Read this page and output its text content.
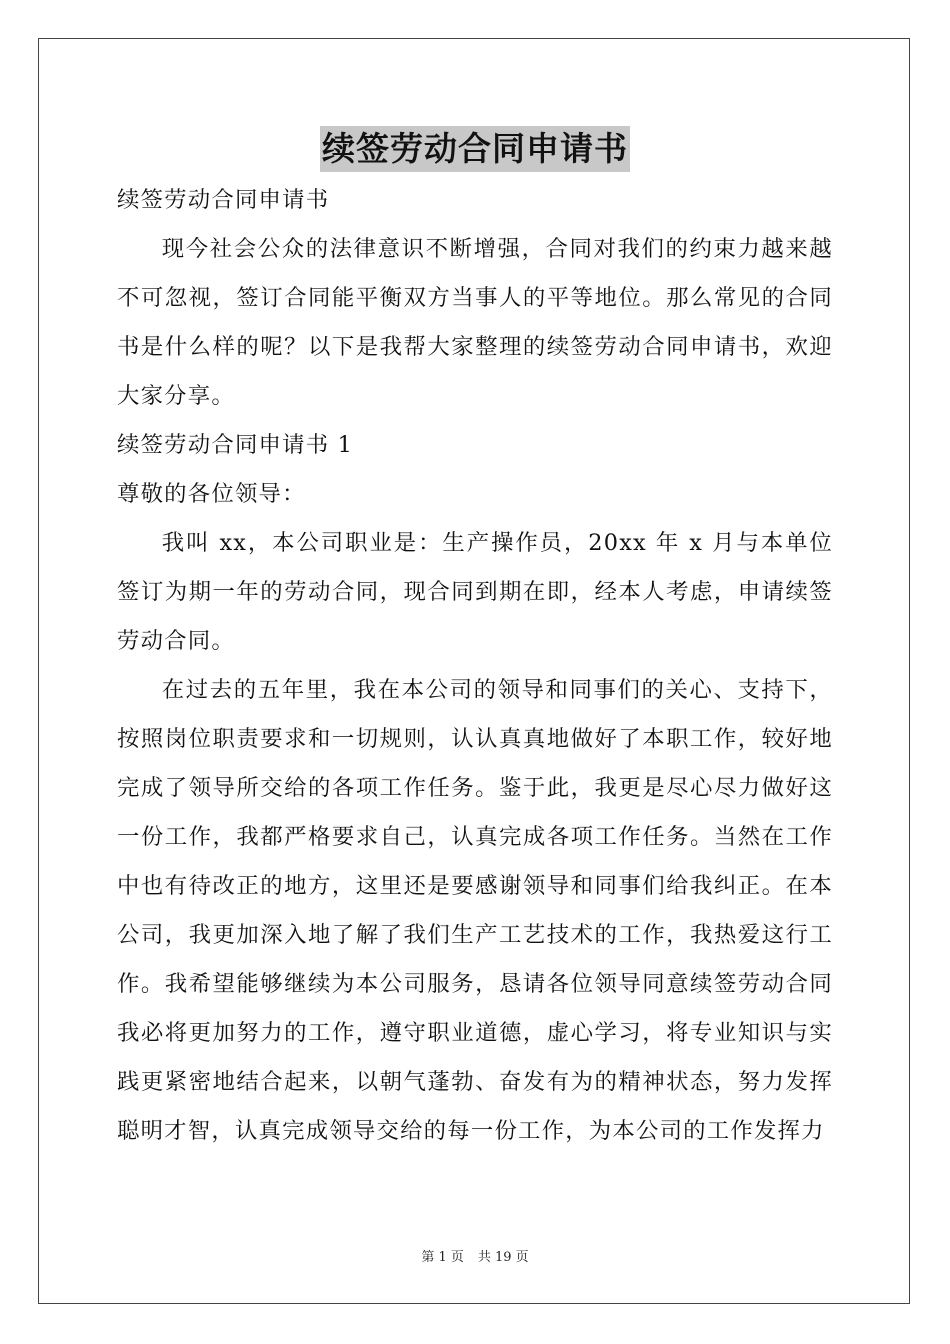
续签劳动合同申请书

续签劳动合同申请书

现今社会公众的法律意识不断增强，合同对我们的约束力越来越不可忽视，签订合同能平衡双方当事人的平等地位。那么常见的合同书是什么样的呢？以下是我帮大家整理的续签劳动合同申请书，欢迎大家分享。

续签劳动合同申请书 1

尊敬的各位领导：

我叫 xx，本公司职业是：生产操作员，20xx 年 x 月与本单位签订为期一年的劳动合同，现合同到期在即，经本人考虑，申请续签劳动合同。

在过去的五年里，我在本公司的领导和同事们的关心、支持下，按照岗位职责要求和一切规则，认认真真地做好了本职工作，较好地完成了领导所交给的各项工作任务。鉴于此，我更是尽心尽力做好这一份工作，我都严格要求自己，认真完成各项工作任务。当然在工作中也有待改正的地方，这里还是要感谢领导和同事们给我纠正。在本公司，我更加深入地了解了我们生产工艺技术的工作，我热爱这行工作。我希望能够继续为本公司服务，恳请各位领导同意续签劳动合同我必将更加努力的工作，遵守职业道德，虚心学习，将专业知识与实践更紧密地结合起来，以朝气蓬勃、奋发有为的精神状态，努力发挥聪明才智，认真完成领导交给的每一份工作，为本公司的工作发挥力

第 1 页 共 19 页
